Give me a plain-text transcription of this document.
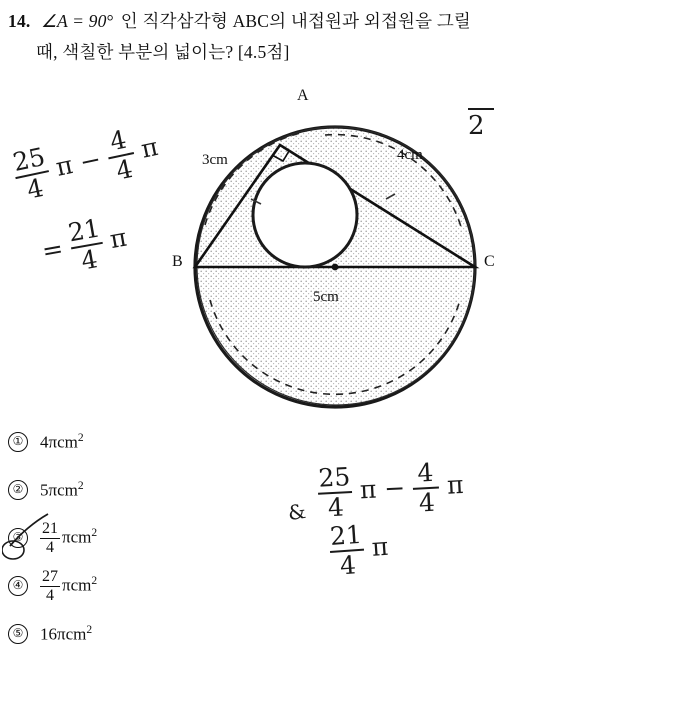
14. ∠A = 90° 인 직각삼각형 ABC의 내접원과 외접원을 그릴
때, 색칠한 부분의 넓이는? [4.5점]
A
B	C
3cm	4cm
5cm
25
4
π −
4
4
π
=
21
4
π
2
& $\frac{25}{4}$ $\pi - \frac{4}{4}$ π
21
4
π
① 4πcm$^2$
② 5πcm$^2$
③ $\frac{21}{4} \pi cm^2$
④ $\frac{27}{4} \pi cm^2$
⑤ 16πcm$^2$
